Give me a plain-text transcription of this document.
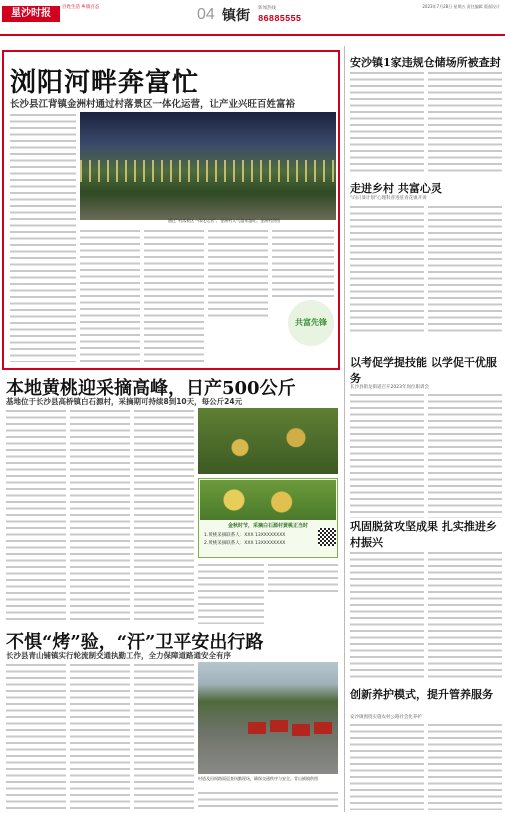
星沙时报
百姓生活 乡镇百态	04 镇街 新闻热线
86885555
2023年7月28日 星期五 责任编辑 版面设计
浏阳河畔奔富忙
长沙县江背镇金洲村通过村落景区一体化运营，让产业兴旺百姓富裕
通过“村落景区一体化运营”，金洲村人气越来越旺。金洲村供图
共富先锋
安沙镇1家违规仓储场所被查封
走进乡村 共富心灵
“向日葵计划”心理科普进驻青花镇开讲
以考促学提技能 以学促干优服务
长沙县街龙街道召开2023年岗位职训会
巩固脱贫攻坚成果 扎实推进乡村振兴
创新养护模式，提升管养服务
安沙镇围绕实施农村公路社会化养护
本地黄桃迎采摘高峰，日产500公斤
基地位于长沙县高桥镇白石源村，采摘期可持续8到10天，每公斤24元
金秋时节，采摘白石源村黄桃正当时
1.黄桃采摘联系人：XXX 13XXXXXXXX
2.黄桃采摘联系人：XXX 13XXXXXXXX
不惧“烤”验，“汗”卫平安出行路
长沙县青山铺镇实行轮流制交通执勤工作，全力保障道路通安全有序
村道及田间路面巡查执勤现场，确保交通秩序与安全。青山铺镇供图
